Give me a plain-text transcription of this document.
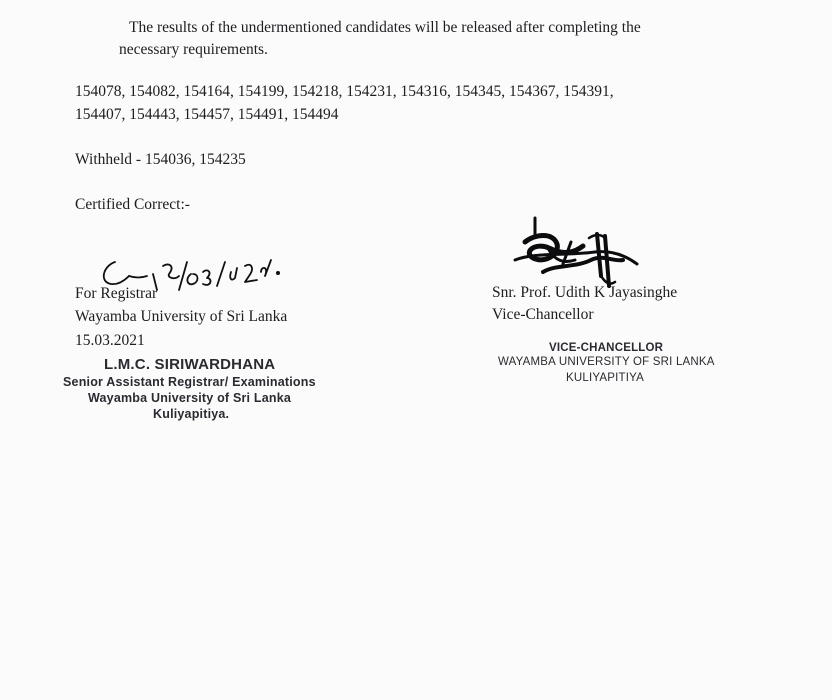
The results of the undermentioned candidates will be released after completing the
necessary requirements.
154078, 154082, 154164, 154199, 154218, 154231, 154316, 154345, 154367, 154391,
154407, 154443, 154457, 154491, 154494
Withheld - 154036, 154235
Certified Correct:-
For Registrar
Wayamba University of Sri Lanka
15.03.2021
L.M.C. SIRIWARDHANA
Senior Assistant Registrar/ Examinations
Wayamba University of Sri Lanka
Kuliyapitiya.
Snr. Prof. Udith K Jayasinghe
Vice-Chancellor
VICE-CHANCELLOR
WAYAMBA UNIVERSITY OF SRI LANKA
KULIYAPITIYA
